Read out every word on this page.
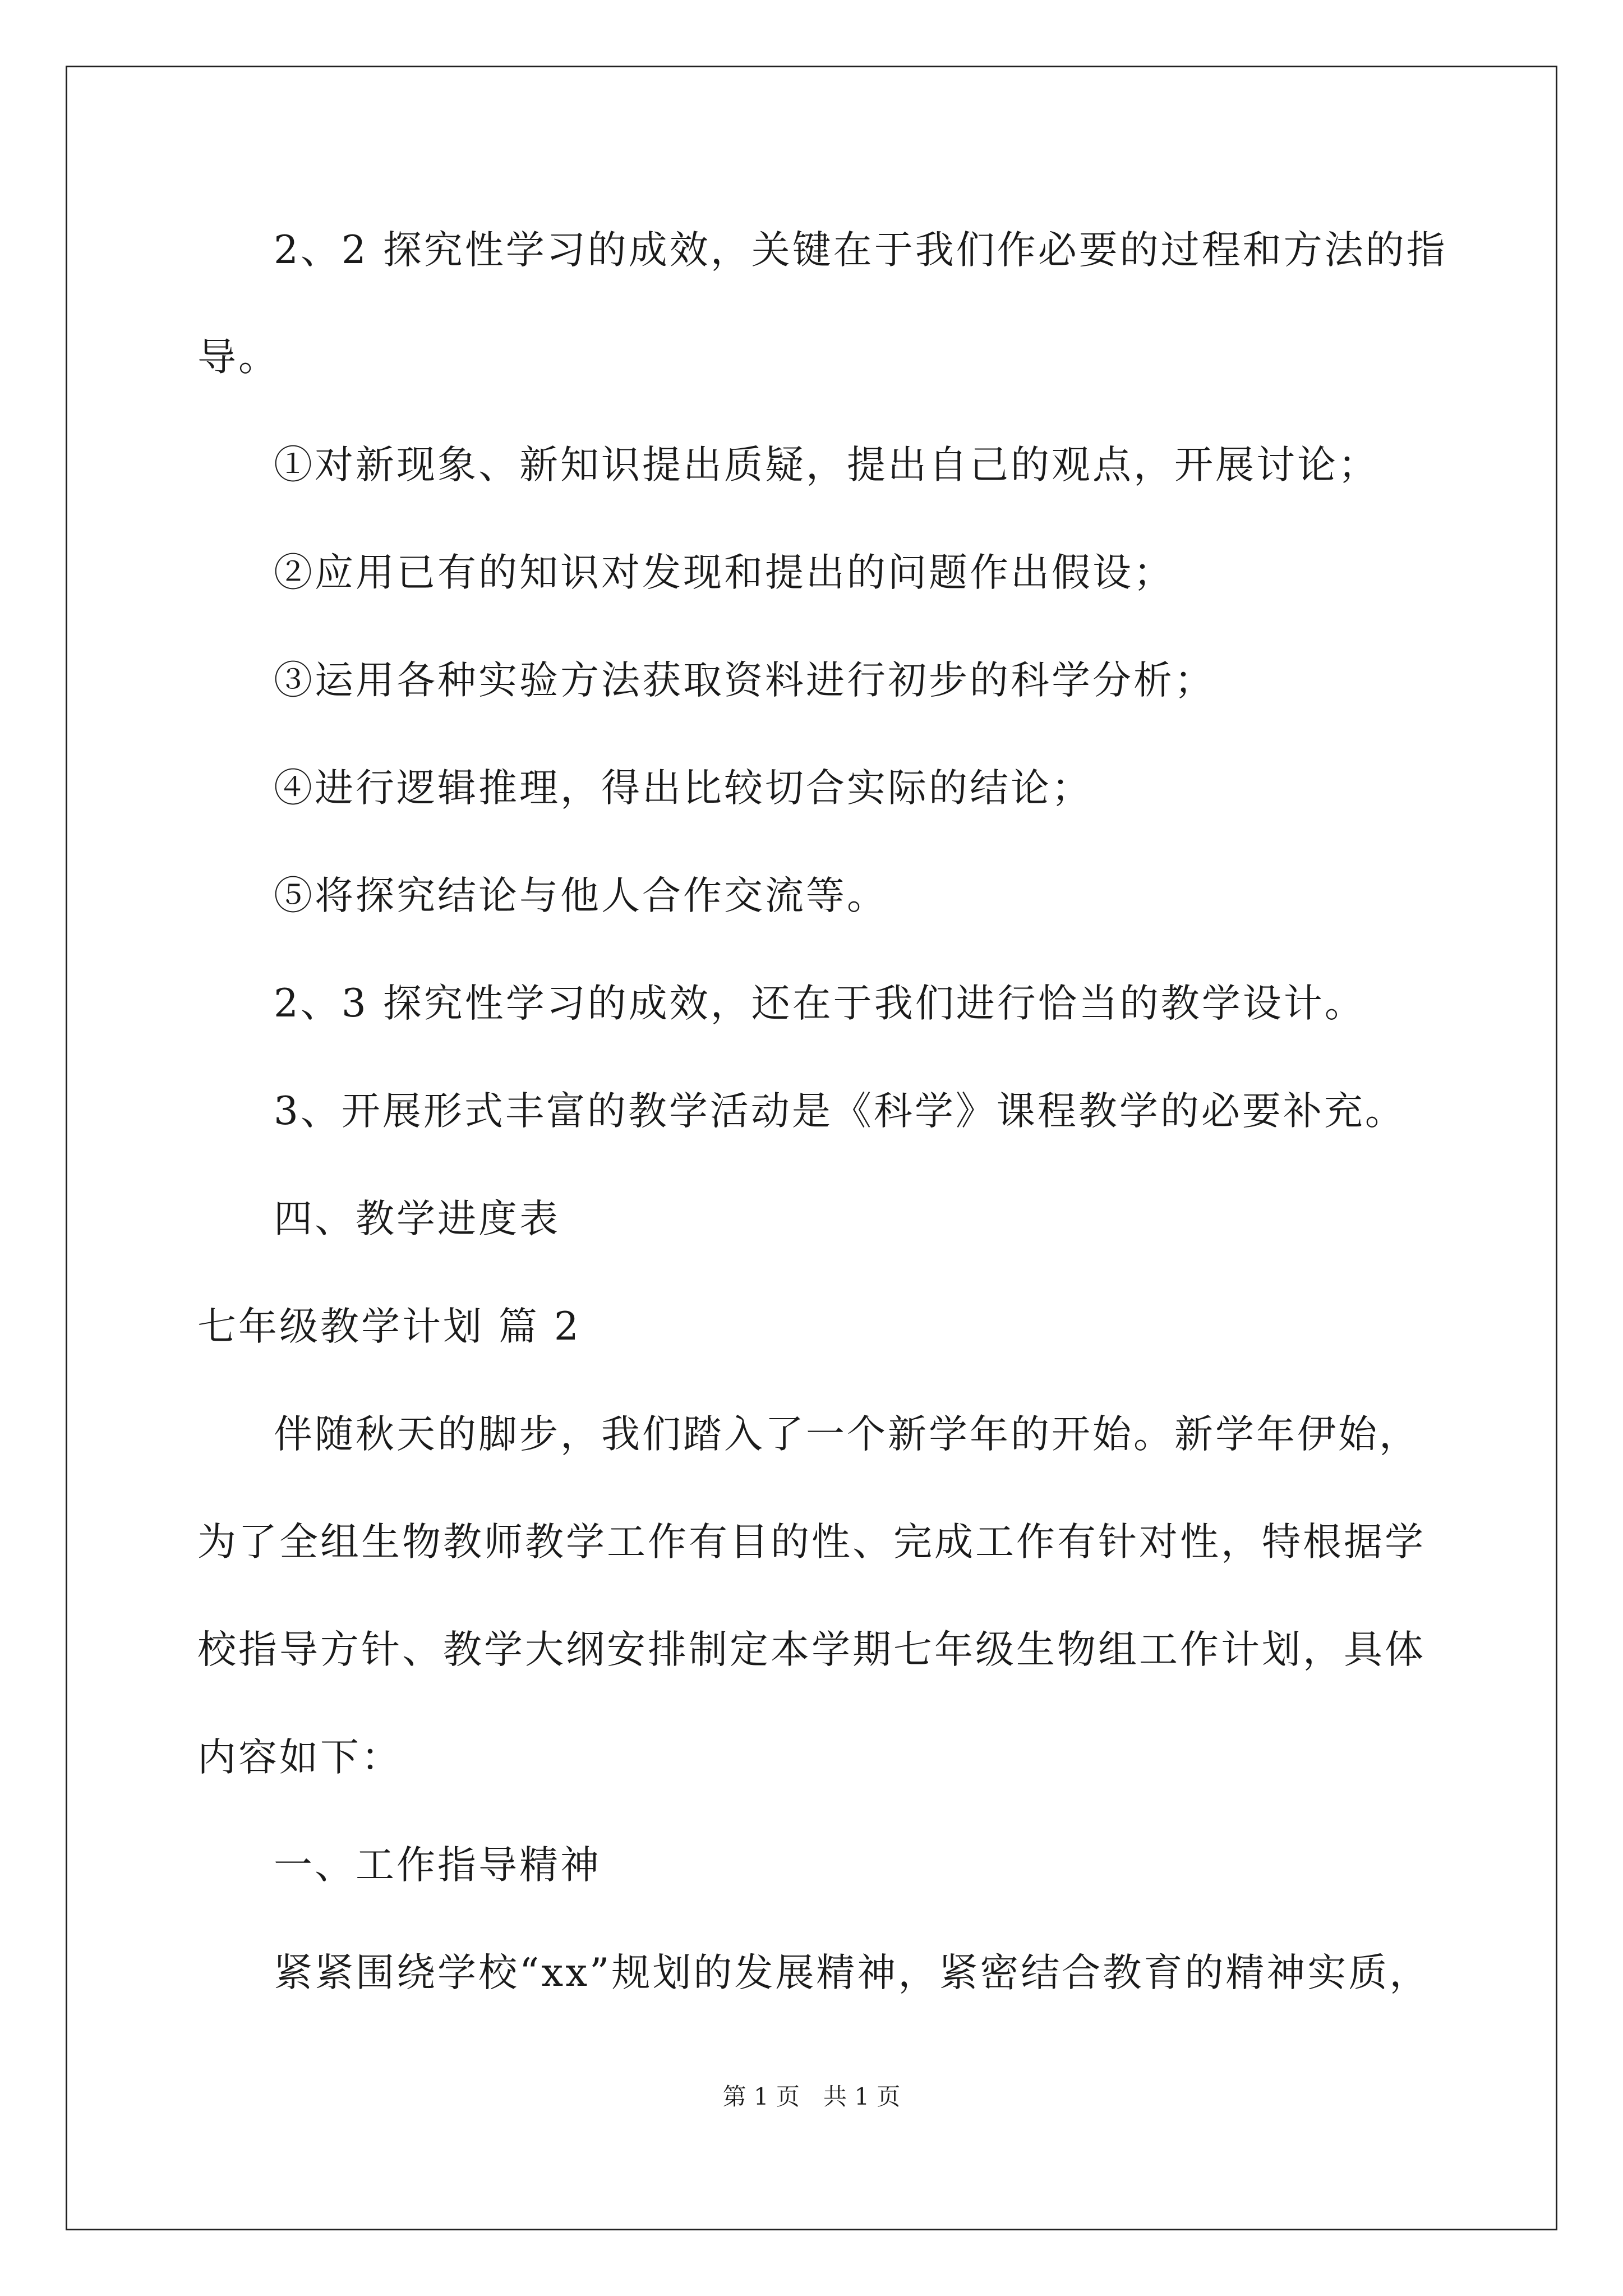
2、2 探究性学习的成效，关键在于我们作必要的过程和方法的指
导。
①对新现象、新知识提出质疑，提出自己的观点，开展讨论；
②应用已有的知识对发现和提出的问题作出假设；
③运用各种实验方法获取资料进行初步的科学分析；
④进行逻辑推理，得出比较切合实际的结论；
⑤将探究结论与他人合作交流等。
2、3 探究性学习的成效，还在于我们进行恰当的教学设计。
3、开展形式丰富的教学活动是《科学》课程教学的必要补充。
四、教学进度表
七年级教学计划 篇 2
伴随秋天的脚步，我们踏入了一个新学年的开始。新学年伊始，
为了全组生物教师教学工作有目的性、完成工作有针对性，特根据学
校指导方针、教学大纲安排制定本学期七年级生物组工作计划，具体
内容如下：
一、工作指导精神
紧紧围绕学校“xx”规划的发展精神，紧密结合教育的精神实质，
第 1 页　共 1 页
